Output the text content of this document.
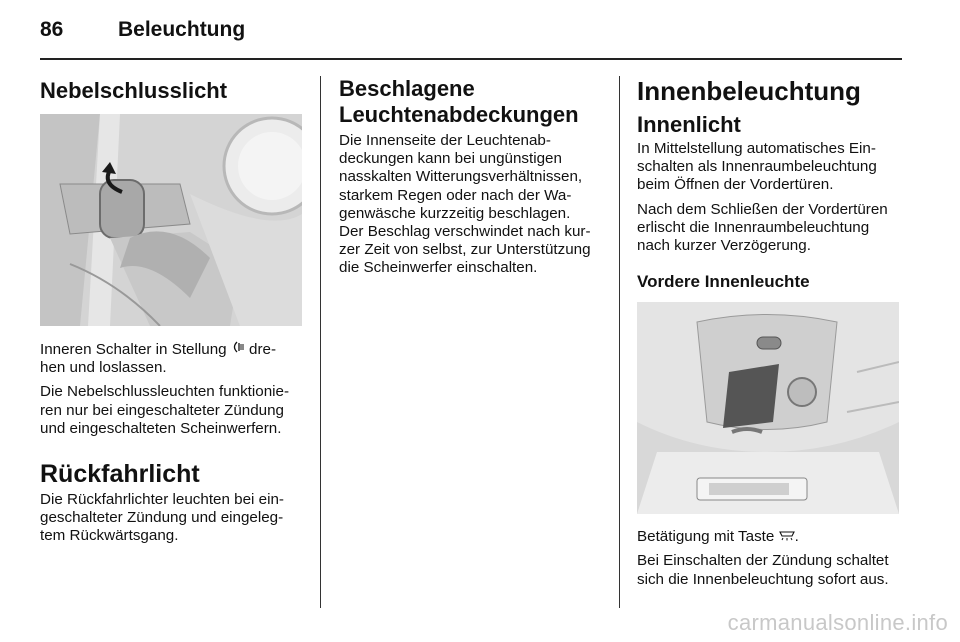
86	Beleuchtung
Nebelschlusslicht

Inneren Schalter in Stellung  dre-
hen und loslassen.

Die Nebelschlussleuchten funktionie-
ren nur bei eingeschalteter Zündung
und eingeschalteten Scheinwerfern.

Rückfahrlicht

Die Rückfahrlichter leuchten bei ein-
geschalteter Zündung und eingeleg-
tem Rückwärtsgang.

Beschlagene
Leuchtenabdeckungen

Die Innenseite der Leuchtenab-
deckungen kann bei ungünstigen
nasskalten Witterungsverhältnissen,
starkem Regen oder nach der Wa-
genwäsche kurzzeitig beschlagen.
Der Beschlag verschwindet nach kur-
zer Zeit von selbst, zur Unterstützung
die Scheinwerfer einschalten.

Innenbeleuchtung
Innenlicht

In Mittelstellung automatisches Ein-
schalten als Innenraumbeleuchtung
beim Öffnen der Vordertüren.

Nach dem Schließen der Vordertüren
erlischt die Innenraumbeleuchtung
nach kurzer Verzögerung.

Vordere Innenleuchte

Betätigung mit Taste .

Bei Einschalten der Zündung schaltet
sich die Innenbeleuchtung sofort aus.

carmanualsonline.info
